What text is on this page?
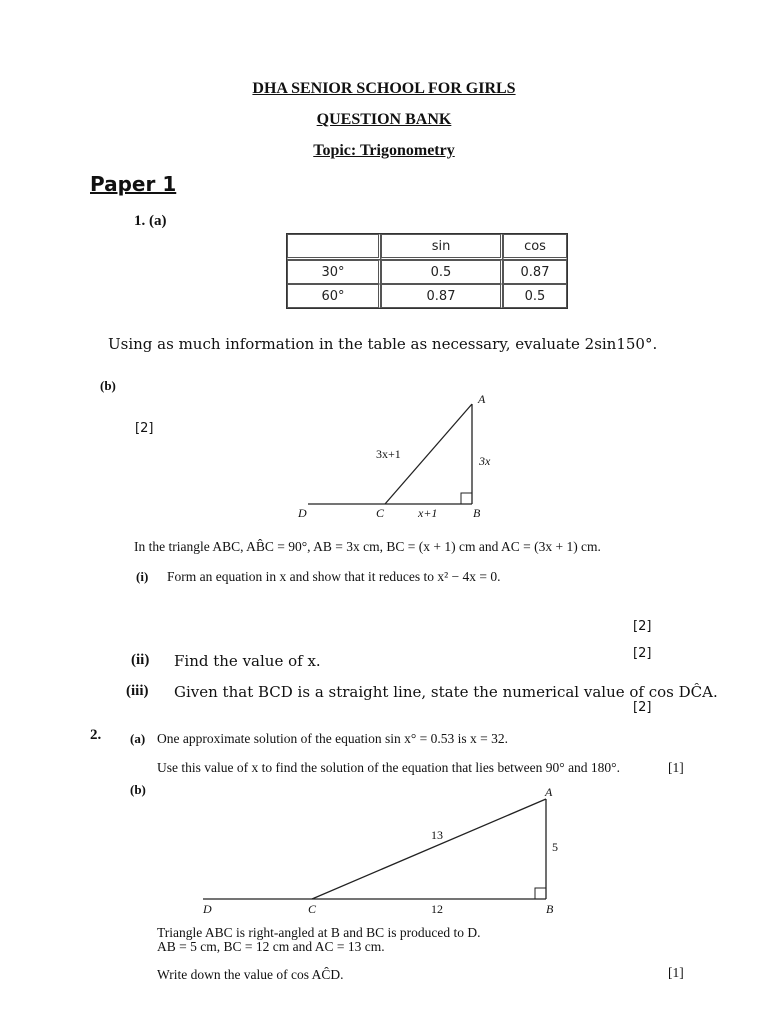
DHA SENIOR SCHOOL FOR GIRLS
QUESTION BANK
Topic: Trigonometry
Paper 1
1. (a)
	sin	cos
30°	0.5	0.87
60°	0.87	0.5
Using as much information in the table as necessary, evaluate 2sin150°.
(b)
[2]
A
B
C
D
3x+1	3x
x+1
In the triangle ABC, AB̂C = 90°, AB = 3x cm, BC = (x + 1) cm and AC = (3x + 1) cm.
(i) Form an equation in x and show that it reduces to x² − 4x = 0.
[2]
(ii) Find the value of x.	[2]
(iii) Given that BCD is a straight line, state the numerical value of cos DĈA.
[2]
2. (a) One approximate solution of the equation sin x° = 0.53 is x = 32.
Use this value of x to find the solution of the equation that lies between 90° and 180°.	[1]
(b)	A
B
C
D
13
5
12
Triangle ABC is right-angled at B and BC is produced to D.
AB = 5 cm, BC = 12 cm and AC = 13 cm.
Write down the value of cos AĈD.	[1]
